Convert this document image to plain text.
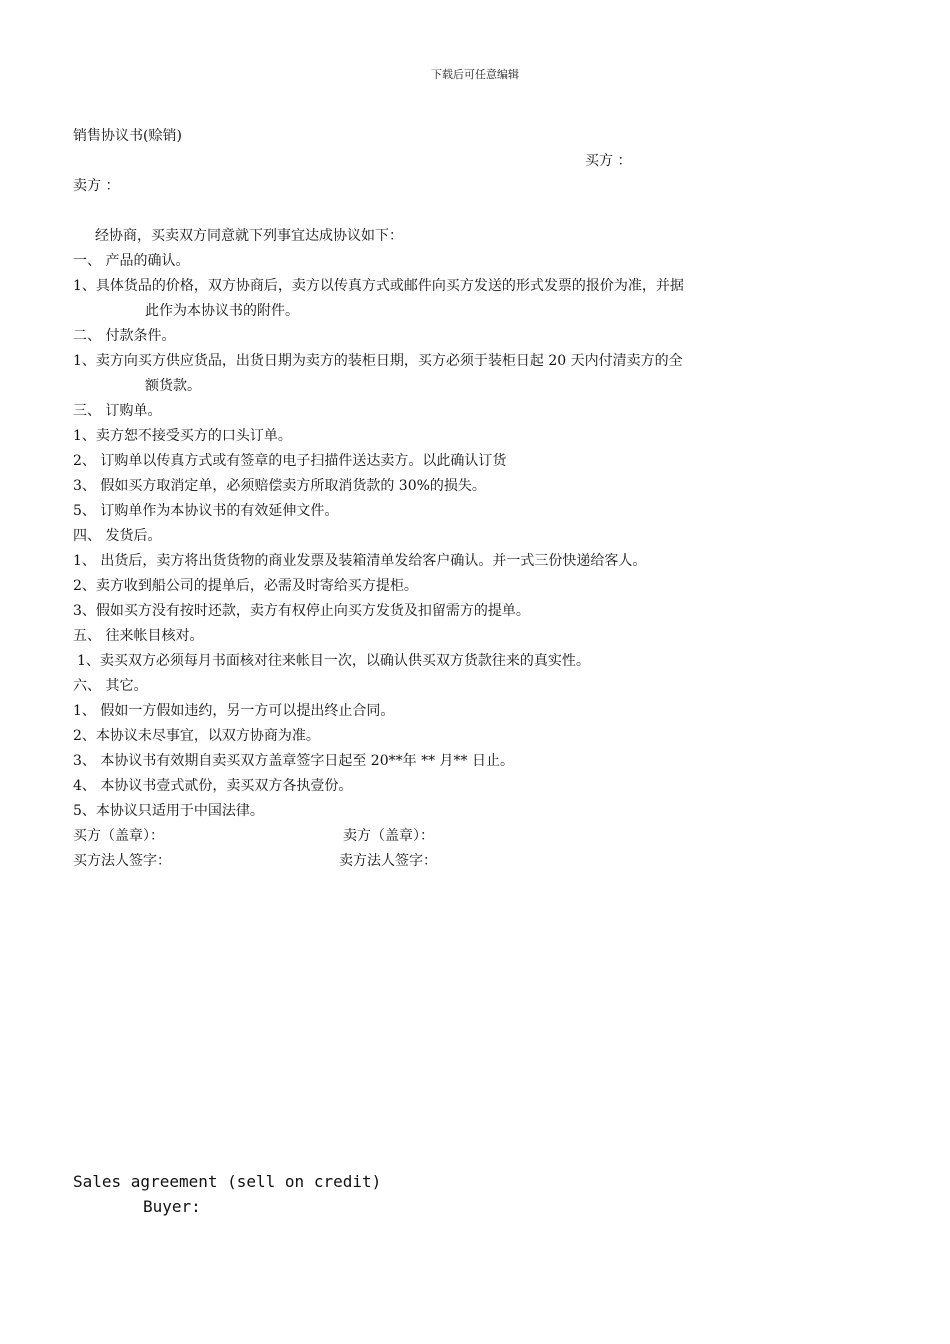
下载后可任意编辑
销售协议书(赊销)
买方 ：
卖方 ：
经协商，买卖双方同意就下列事宜达成协议如下：
一、 产品的确认。
1、具体货品的价格，双方协商后，卖方以传真方式或邮件向买方发送的形式发票的报价为准，并据
此作为本协议书的附件。
二、 付款条件。
1、卖方向买方供应货品，出货日期为卖方的装柜日期，买方必须于装柜日起 20 天内付清卖方的全
额货款。
三、 订购单。
1、卖方恕不接受买方的口头订单。
2、 订购单以传真方式或有签章的电子扫描件送达卖方。以此确认订货
3、 假如买方取消定单，必须赔偿卖方所取消货款的 30%的损失。
5、 订购单作为本协议书的有效延伸文件。
四、 发货后。
1、 出货后，卖方将出货货物的商业发票及装箱清单发给客户确认。并一式三份快递给客人。
2、卖方收到船公司的提单后，必需及时寄给买方提柜。
3、假如买方没有按时还款，卖方有权停止向买方发货及扣留需方的提单。
五、 往来帐目核对。
1、卖买双方必须每月书面核对往来帐目一次，以确认供买双方货款往来的真实性。
六、 其它。
1、 假如一方假如违约，另一方可以提出终止合同。
2、本协议未尽事宜，以双方协商为准。
3、 本协议书有效期自卖买双方盖章签字日起至 20**年 ** 月** 日止。
4、 本协议书壹式贰份，卖买双方各执壹份。
5、本协议只适用于中国法律。
买方（盖章）：	卖方（盖章）：
买方法人签字：	卖方法人签字：
Sales agreement (sell on credit)
Buyer:
